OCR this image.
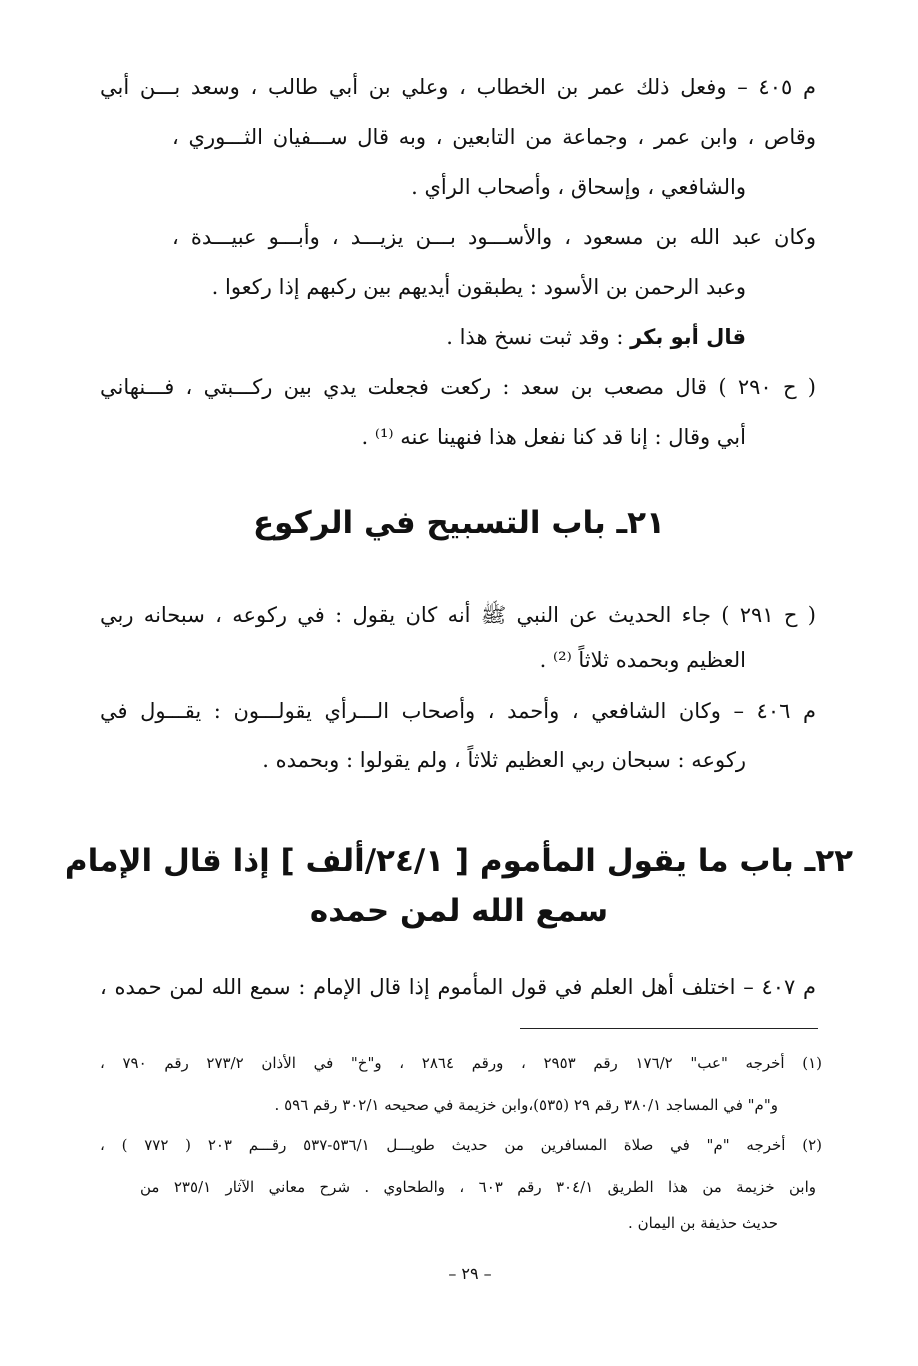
م ٤٠٥ – وفعل ذلك عمر بن الخطاب ، وعلي بن أبي طالب ، وسعد بـــن أبي
وقاص ، وابن عمر ، وجماعة من التابعين ، وبه قال ســـفيان الثـــوري ،
والشافعي ، وإسحاق ، وأصحاب الرأي .
وكان عبد الله بن مسعود ، والأســـود بـــن يزيـــد ، وأبـــو عبيـــدة ،
وعبد الرحمن بن الأسود : يطبقون أيديهم بين ركبهم إذا ركعوا .
قال أبو بكر : وقد ثبت نسخ هذا .
( ح ٢٩٠ ) قال مصعب بن سعد : ركعت فجعلت يدي بين ركـــبتي ، فـــنهاني
أبي وقال : إنا قد كنا نفعل هذا فنهينا عنه ⁽¹⁾ .
٢١ـ باب التسبيح في الركوع
( ح ٢٩١ ) جاء الحديث عن النبي ﷺ أنه كان يقول : في ركوعه ، سبحانه ربي
العظيم وبحمده ثلاثاً ⁽²⁾ .
م ٤٠٦ – وكان الشافعي ، وأحمد ، وأصحاب الـــرأي يقولـــون : يقـــول في
ركوعه : سبحان ربي العظيم ثلاثاً ، ولم يقولوا : وبحمده .
٢٢ـ باب ما يقول المأموم [ ٢٤/١/ألف ] إذا قال الإمام
سمع الله لمن حمده
م ٤٠٧ – اختلف أهل العلم في قول المأموم إذا قال الإمام : سمع الله لمن حمده ،
(١) أخرجه "عب" ١٧٦/٢ رقم ٢٩٥٣ ، ورقم ٢٨٦٤ ، و"خ" في الأذان ٢٧٣/٢ رقم ٧٩٠ ،
و"م" في المساجد ٣٨٠/١ رقم ٢٩ (٥٣٥)،وابن خزيمة في صحيحه ٣٠٢/١ رقم ٥٩٦ .
(٢) أخرجه "م" في صلاة المسافرين من حديث طويـــل ٥٣٦/١-٥٣٧ رقـــم ٢٠٣ ( ٧٧٢ ) ،
وابن خزيمة من هذا الطريق ٣٠٤/١ رقم ٦٠٣ ، والطحاوي . شرح معاني الآثار ٢٣٥/١ من
حديث حذيفة بن اليمان .
– ٢٩ –
